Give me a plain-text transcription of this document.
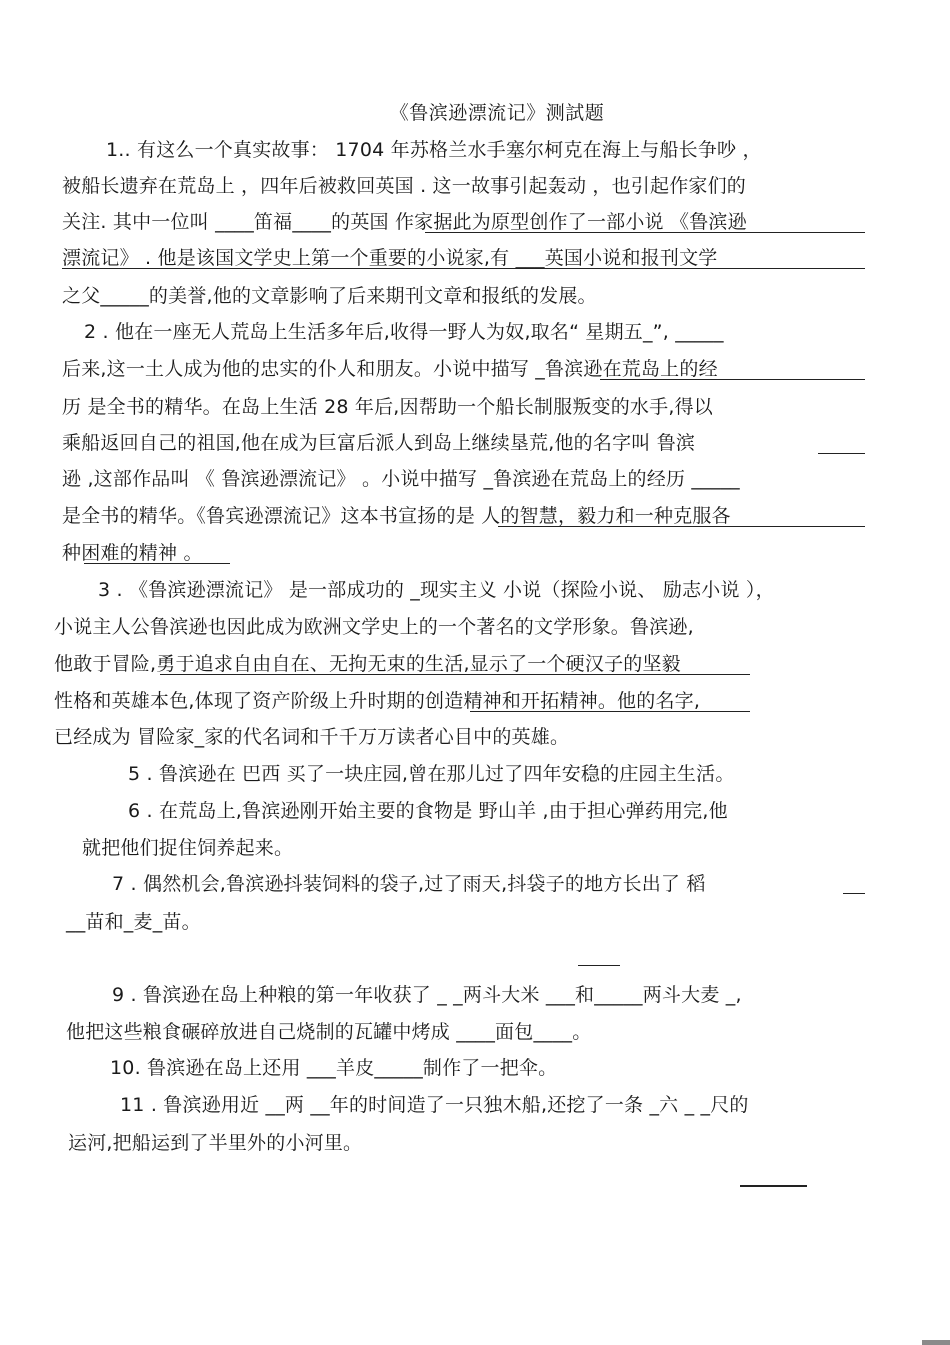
《鲁滨逊漂流记》测試题
1.. 有这么一个真实故事： 1704 年苏格兰水手塞尔柯克在海上与船长争吵 ，
被船长遗弃在荒岛上 ，四年后被救回英国 . 这一故事引起轰动 ，也引起作家们的
关注. 其中一位叫 ____笛福____的英国 作家据此为原型创作了一部小说 《鲁滨逊
漂流记》 . 他是该国文学史上第一个重要的小说家,有 ___英国小说和报刊文学
之父_____的美誉,他的文章影响了后来期刊文章和报纸的发展。
2 . 他在一座无人荒岛上生活多年后,收得一野人为奴,取名“ 星期五_”, _____
后来,这一土人成为他的忠实的仆人和朋友。小说中描写 _鲁滨逊在荒岛上的经
历 是全书的精华。在岛上生活 28 年后,因帮助一个船长制服叛变的水手,得以
乘船返回自己的祖国,他在成为巨富后派人到岛上继续垦荒,他的名字叫 鲁滨
逊 ,这部作品叫 《 鲁滨逊漂流记》 。小说中描写 _鲁滨逊在荒岛上的经历 _____
是全书的精华。《鲁宾逊漂流记》这本书宣扬的是 人的智慧，毅力和一种克服各
种困难的精神 。
3 . 《鲁滨逊漂流记》 是一部成功的 _现实主义 小说（探险小说、 励志小说 ），
小说主人公鲁滨逊也因此成为欧洲文学史上的一个著名的文学形象。鲁滨逊,
他敢于冒险,勇于追求自由自在、无拘无束的生活,显示了一个硬汉子的坚毅
性格和英雄本色,体现了资产阶级上升时期的创造精神和开拓精神。他的名字,
已经成为 冒险家_家的代名词和千千万万读者心目中的英雄。
5 . 鲁滨逊在 巴西 买了一块庄园,曾在那儿过了四年安稳的庄园主生活。
6 . 在荒岛上,鲁滨逊刚开始主要的食物是 野山羊 ,由于担心弹药用完,他
就把他们捉住饲养起来。
7 . 偶然机会,鲁滨逊抖装饲料的袋子,过了雨天,抖袋子的地方长出了 稻
__苗和_麦_苗。
9 . 鲁滨逊在岛上种粮的第一年收获了 _ _两斗大米 ___和_____两斗大麦 _,
他把这些粮食碾碎放进自己烧制的瓦罐中烤成 ____面包____。
10. 鲁滨逊在岛上还用 ___羊皮_____制作了一把伞。
11 . 鲁滨逊用近 __两 __年的时间造了一只独木船,还挖了一条 _六 _ _尺的
运河,把船运到了半里外的小河里。
